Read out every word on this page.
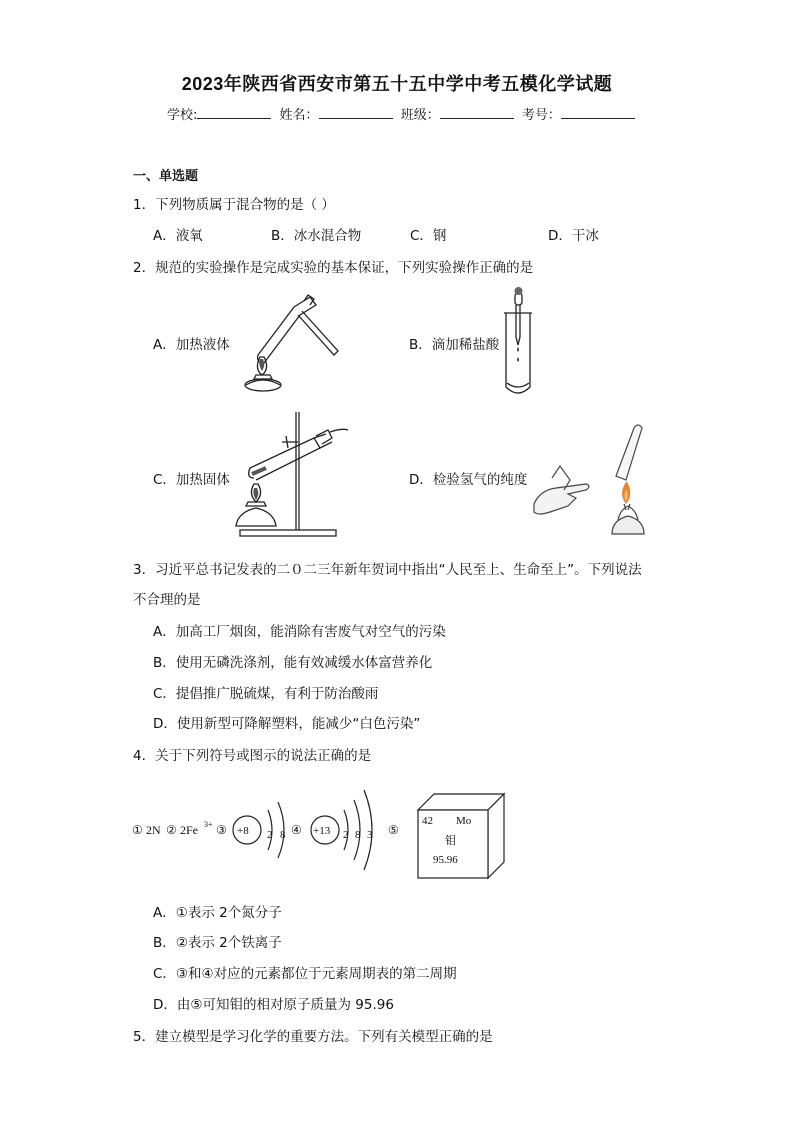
2023年陕西省西安市第五十五中学中考五模化学试题
学校:	姓名：	班级：	考号：
一、单选题
1．下列物质属于混合物的是（ ）
A．液氧	B．冰水混合物	C．钢	D．干冰
2．规范的实验操作是完成实验的基本保证，下列实验操作正确的是
A．加热液体	B．滴加稀盐酸
C．加热固体	D．检验氢气的纯度
3．习近平总书记发表的二０二三年新年贺词中指出“人民至上、生命至上”。下列说法
不合理的是
A．加高工厂烟囱，能消除有害废气对空气的污染
B．使用无磷洗涤剂，能有效减缓水体富营养化
C．提倡推广脱硫煤，有利于防治酸雨
D．使用新型可降解塑料，能减少“白色污染”
4．关于下列符号或图示的说法正确的是
① 2N ② 2Fe 3+ ③ +8 2 8 ④ +13 2 8 3 ⑤
42 Mo
钼
95.96
A．①表示 2个氮分子
B．②表示 2个铁离子
C．③和④对应的元素都位于元素周期表的第二周期
D．由⑤可知钼的相对原子质量为 95.96
5．建立模型是学习化学的重要方法。下列有关模型正确的是
